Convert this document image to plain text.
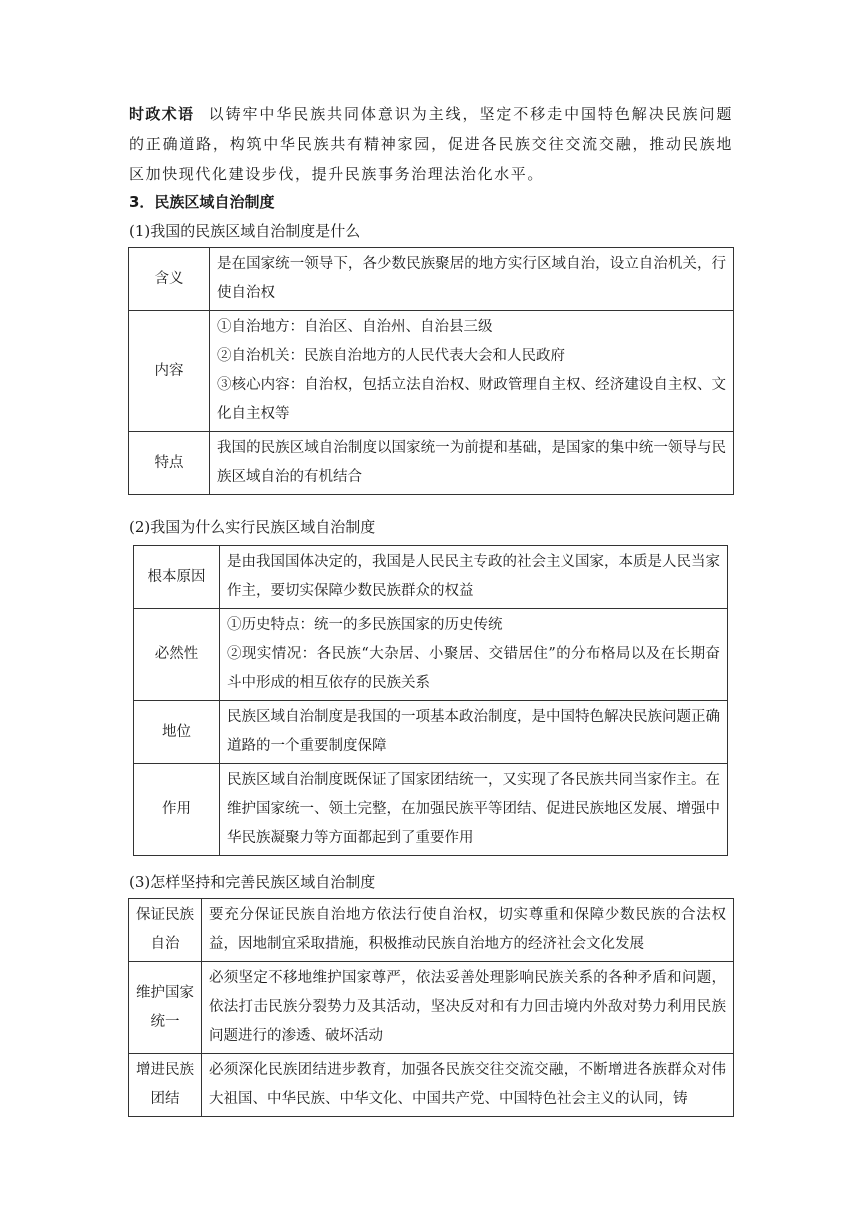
时政术语 以铸牢中华民族共同体意识为主线，坚定不移走中国特色解决民族问题的正确道路，构筑中华民族共有精神家园，促进各民族交往交流交融，推动民族地区加快现代化建设步伐，提升民族事务治理法治化水平。
3．民族区域自治制度
(1)我国的民族区域自治制度是什么
含义	是在国家统一领导下，各少数民族聚居的地方实行区域自治，设立自治机关，行使自治权
内容	①自治地方：自治区、自治州、自治县三级
②自治机关：民族自治地方的人民代表大会和人民政府
③核心内容：自治权，包括立法自治权、财政管理自主权、经济建设自主权、文化自主权等

特点	我国的民族区域自治制度以国家统一为前提和基础，是国家的集中统一领导与民族区域自治的有机结合
(2)我国为什么实行民族区域自治制度
根本原因	是由我国国体决定的，我国是人民民主专政的社会主义国家，本质是人民当家作主，要切实保障少数民族群众的权益
必然性	①历史特点：统一的多民族国家的历史传统
②现实情况：各民族“大杂居、小聚居、交错居住”的分布格局以及在长期奋斗中形成的相互依存的民族关系

地位	民族区域自治制度是我国的一项基本政治制度，是中国特色解决民族问题正确道路的一个重要制度保障
作用	民族区域自治制度既保证了国家团结统一，又实现了各民族共同当家作主。在维护国家统一、领土完整，在加强民族平等团结、促进民族地区发展、增强中华民族凝聚力等方面都起到了重要作用
(3)怎样坚持和完善民族区域自治制度
保证民族自治	要充分保证民族自治地方依法行使自治权，切实尊重和保障少数民族的合法权益，因地制宜采取措施，积极推动民族自治地方的经济社会文化发展
维护国家统一	必须坚定不移地维护国家尊严，依法妥善处理影响民族关系的各种矛盾和问题，依法打击民族分裂势力及其活动，坚决反对和有力回击境内外敌对势力利用民族问题进行的渗透、破坏活动
增进民族团结	必须深化民族团结进步教育，加强各民族交往交流交融，不断增进各族群众对伟大祖国、中华民族、中华文化、中国共产党、中国特色社会主义的认同，铸
